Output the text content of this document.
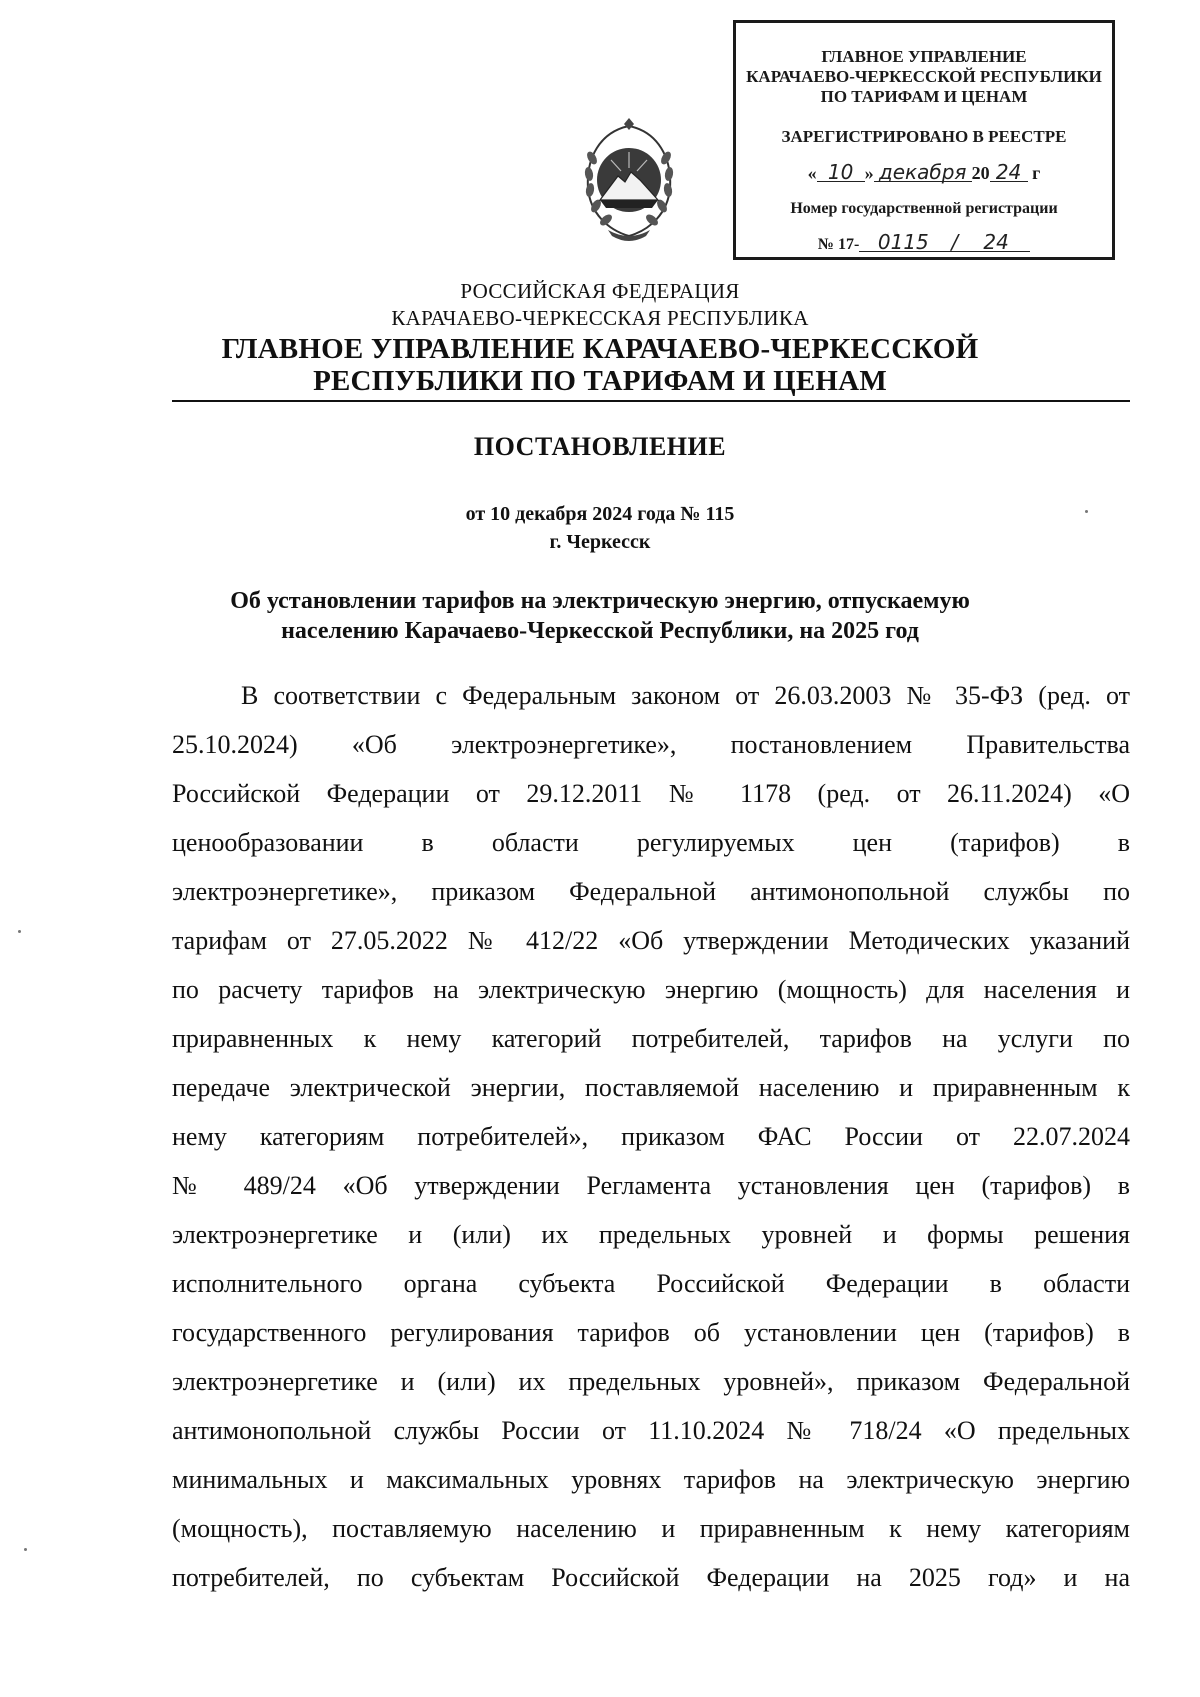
ГЛАВНОЕ УПРАВЛЕНИЕ
КАРАЧАЕВО-ЧЕРКЕССКОЙ РЕСПУБЛИКИ
ПО ТАРИФАМ И ЦЕНАМ
ЗАРЕГИСТРИРОВАНО В РЕЕСТРЕ
« 10 » декабря 20 24 г
Номер государственной регистрации
№ 17- 0115 / 24
РОССИЙСКАЯ ФЕДЕРАЦИЯ
КАРАЧАЕВО-ЧЕРКЕССКАЯ РЕСПУБЛИКА
ГЛАВНОЕ УПРАВЛЕНИЕ КАРАЧАЕВО-ЧЕРКЕССКОЙ
РЕСПУБЛИКИ ПО ТАРИФАМ И ЦЕНАМ
ПОСТАНОВЛЕНИЕ
от 10 декабря 2024 года № 115
г. Черкесск
Об установлении тарифов на электрическую энергию, отпускаемую
населению Карачаево-Черкесской Республики, на 2025 год
В соответствии с Федеральным законом от 26.03.2003 № 35-ФЗ (ред. от
25.10.2024) «Об электроэнергетике», постановлением Правительства
Российской Федерации от 29.12.2011 № 1178 (ред. от 26.11.2024) «О
ценообразовании в области регулируемых цен (тарифов) в
электроэнергетике», приказом Федеральной антимонопольной службы по
тарифам от 27.05.2022 № 412/22 «Об утверждении Методических указаний
по расчету тарифов на электрическую энергию (мощность) для населения и
приравненных к нему категорий потребителей, тарифов на услуги по
передаче электрической энергии, поставляемой населению и приравненным к
нему категориям потребителей», приказом ФАС России от 22.07.2024
№ 489/24 «Об утверждении Регламента установления цен (тарифов) в
электроэнергетике и (или) их предельных уровней и формы решения
исполнительного органа субъекта Российской Федерации в области
государственного регулирования тарифов об установлении цен (тарифов) в
электроэнергетике и (или) их предельных уровней», приказом Федеральной
антимонопольной службы России от 11.10.2024 № 718/24 «О предельных
минимальных и максимальных уровнях тарифов на электрическую энергию
(мощность), поставляемую населению и приравненным к нему категориям
потребителей, по субъектам Российской Федерации на 2025 год» и на
